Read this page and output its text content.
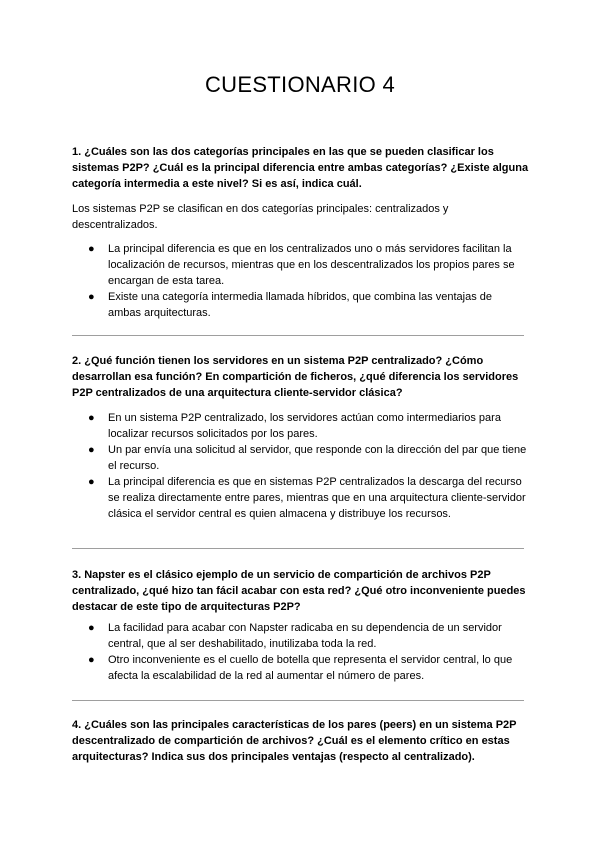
CUESTIONARIO 4
1. ¿Cuáles son las dos categorías principales en las que se pueden clasificar los sistemas P2P? ¿Cuál es la principal diferencia entre ambas categorías? ¿Existe alguna categoría intermedia a este nivel? Si es así, indica cuál.
Los sistemas P2P se clasifican en dos categorías principales: centralizados y descentralizados.
● La principal diferencia es que en los centralizados uno o más servidores facilitan la localización de recursos, mientras que en los descentralizados los propios pares se encargan de esta tarea.
● Existe una categoría intermedia llamada híbridos, que combina las ventajas de ambas arquitecturas.
2. ¿Qué función tienen los servidores en un sistema P2P centralizado? ¿Cómo desarrollan esa función? En compartición de ficheros, ¿qué diferencia los servidores P2P centralizados de una arquitectura cliente-servidor clásica?
● En un sistema P2P centralizado, los servidores actúan como intermediarios para localizar recursos solicitados por los pares.
● Un par envía una solicitud al servidor, que responde con la dirección del par que tiene el recurso.
● La principal diferencia es que en sistemas P2P centralizados la descarga del recurso se realiza directamente entre pares, mientras que en una arquitectura cliente-servidor clásica el servidor central es quien almacena y distribuye los recursos.
3. Napster es el clásico ejemplo de un servicio de compartición de archivos P2P centralizado, ¿qué hizo tan fácil acabar con esta red? ¿Qué otro inconveniente puedes destacar de este tipo de arquitecturas P2P?
● La facilidad para acabar con Napster radicaba en su dependencia de un servidor central, que al ser deshabilitado, inutilizaba toda la red.
● Otro inconveniente es el cuello de botella que representa el servidor central, lo que afecta la escalabilidad de la red al aumentar el número de pares.
4. ¿Cuáles son las principales características de los pares (peers) en un sistema P2P descentralizado de compartición de archivos? ¿Cuál es el elemento crítico en estas arquitecturas? Indica sus dos principales ventajas (respecto al centralizado).
